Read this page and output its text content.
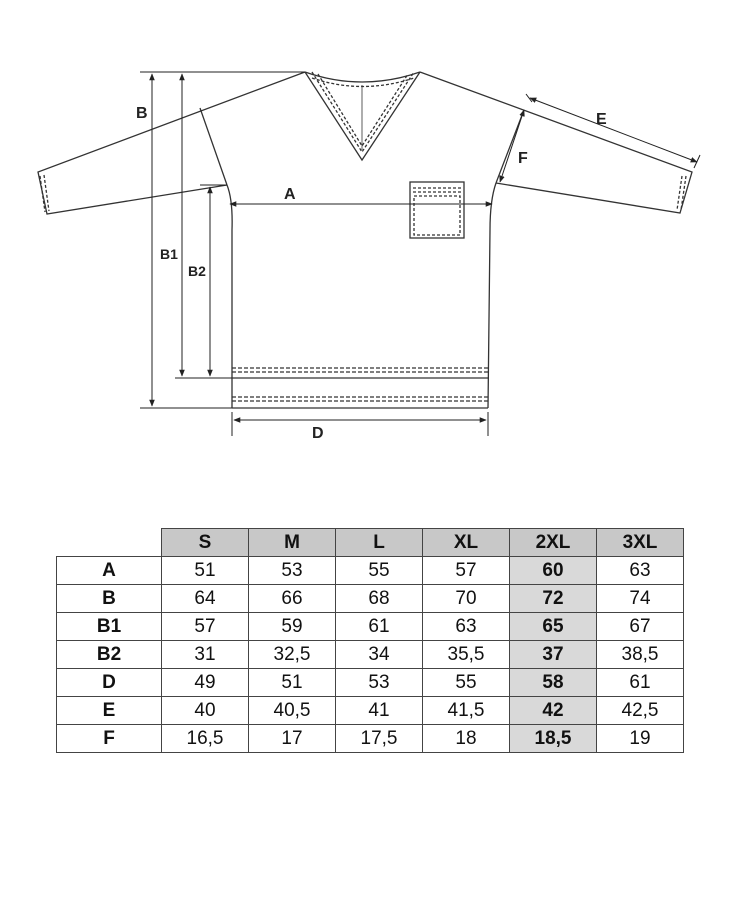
B
B1
B2
A
D
E
F
	S	M	L	XL	2XL	3XL
A	51	53	55	57	60	63
B	64	66	68	70	72	74
B1	57	59	61	63	65	67
B2	31	32,5	34	35,5	37	38,5
D	49	51	53	55	58	61
E	40	40,5	41	41,5	42	42,5
F	16,5	17	17,5	18	18,5	19
